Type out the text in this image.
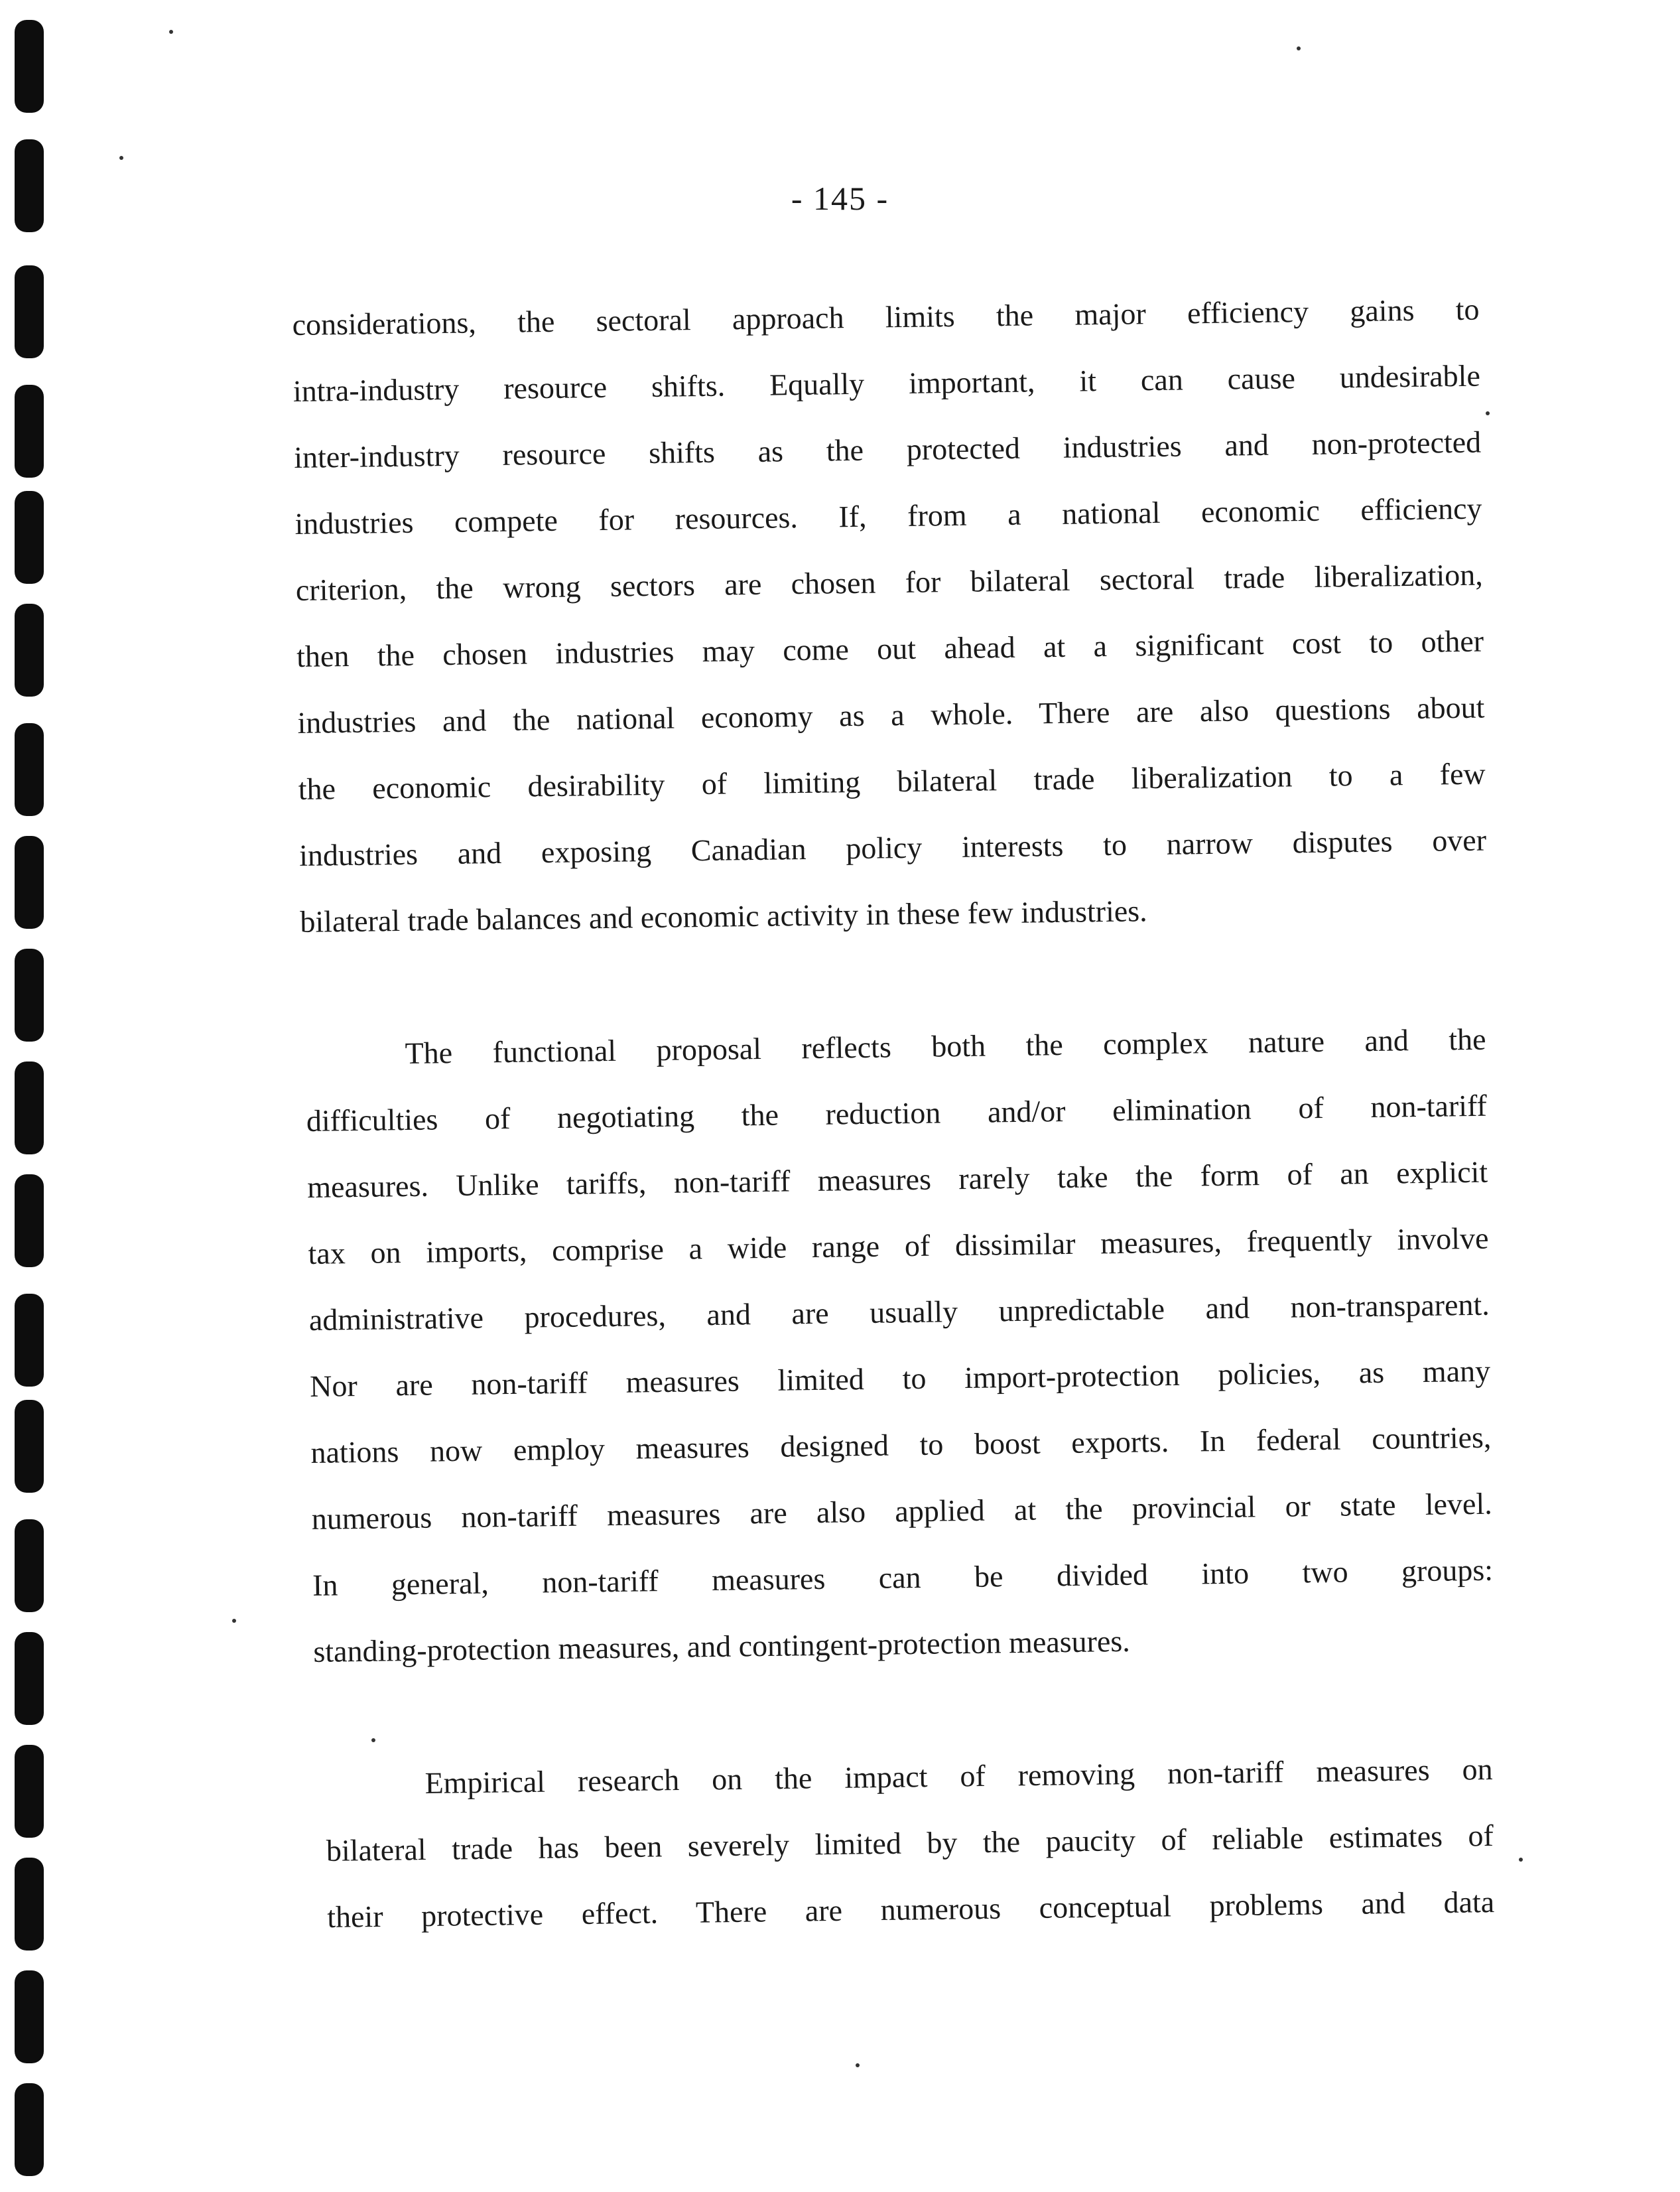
- 145 -

considerations, the sectoral approach limits the major efficiency gains to
intra-industry resource shifts. Equally important, it can cause undesirable
inter-industry resource shifts as the protected industries and non-protected
industries compete for resources. If, from a national economic efficiency
criterion, the wrong sectors are chosen for bilateral sectoral trade liberalization,
then the chosen industries may come out ahead at a significant cost to other
industries and the national economy as a whole. There are also questions about
the economic desirability of limiting bilateral trade liberalization to a few
industries and exposing Canadian policy interests to narrow disputes over
bilateral trade balances and economic activity in these few industries.

The functional proposal reflects both the complex nature and the
difficulties of negotiating the reduction and/or elimination of non-tariff
measures. Unlike tariffs, non-tariff measures rarely take the form of an explicit
tax on imports, comprise a wide range of dissimilar measures, frequently involve
administrative procedures, and are usually unpredictable and non-transparent.
Nor are non-tariff measures limited to import-protection policies, as many
nations now employ measures designed to boost exports. In federal countries,
numerous non-tariff measures are also applied at the provincial or state level.
In general, non-tariff measures can be divided into two groups:
standing-protection measures, and contingent-protection measures.

Empirical research on the impact of removing non-tariff measures on
bilateral trade has been severely limited by the paucity of reliable estimates of
their protective effect. There are numerous conceptual problems and data
